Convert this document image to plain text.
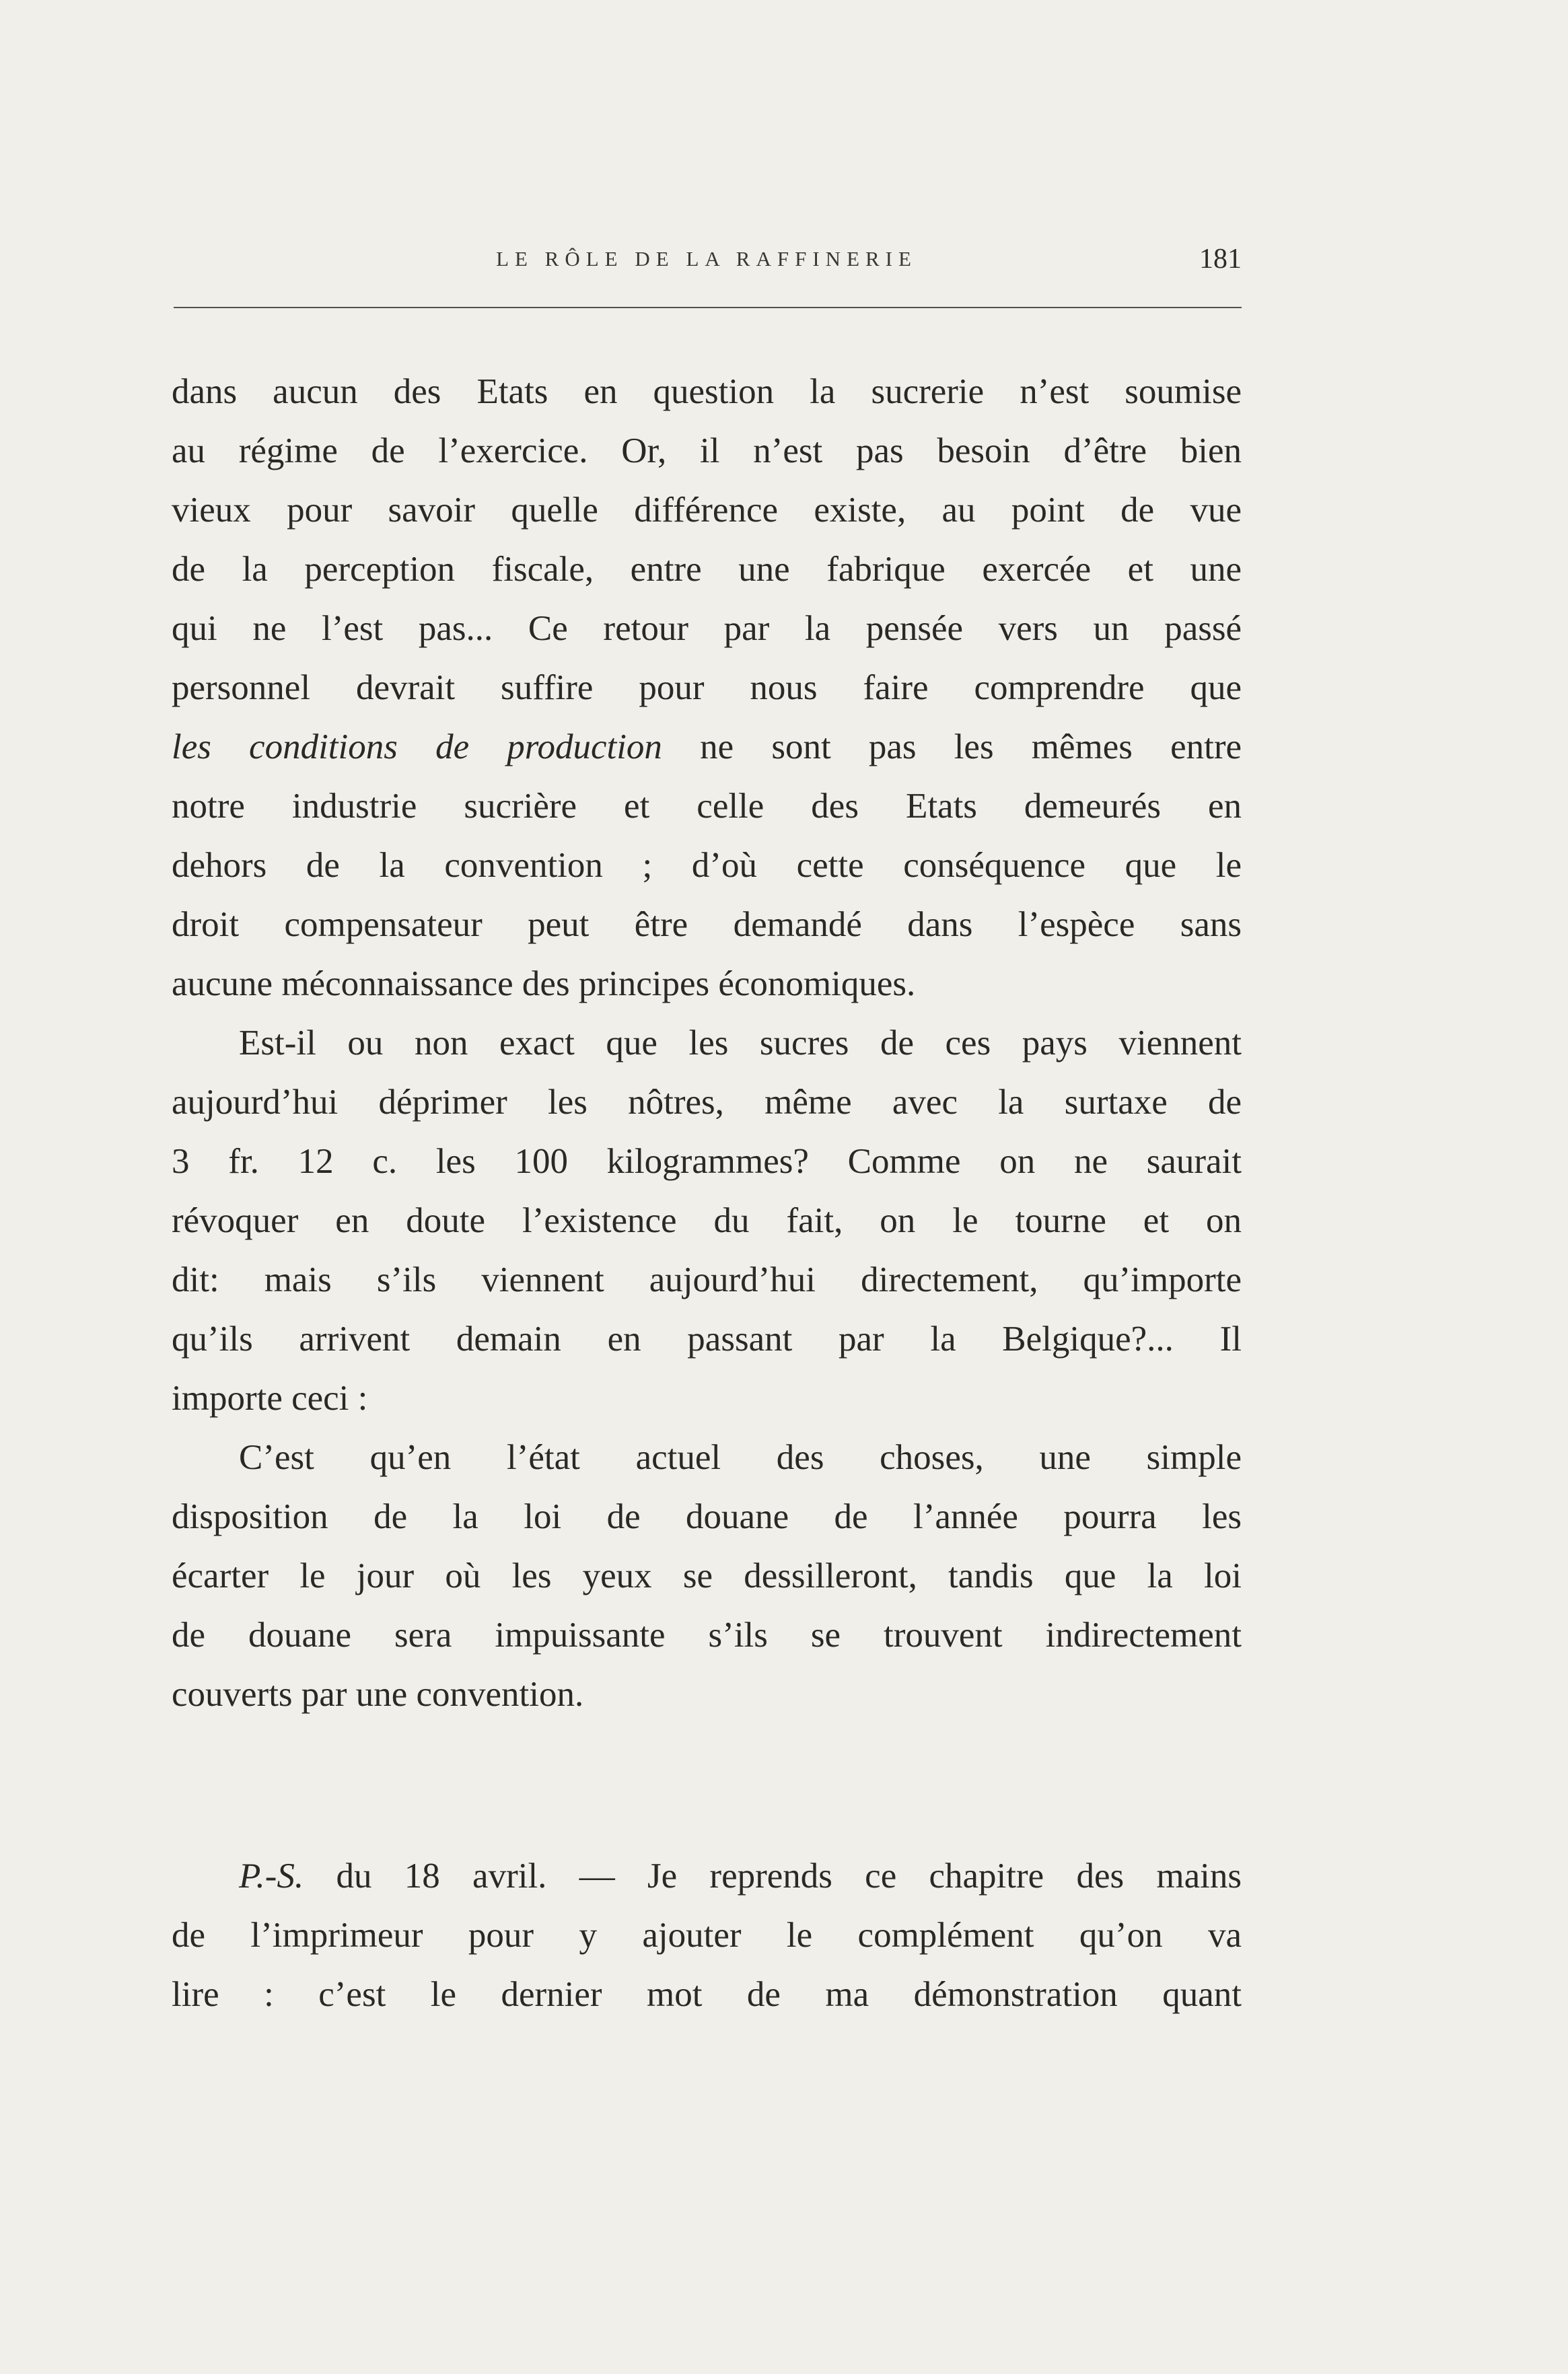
LE RÔLE DE LA RAFFINERIE	181
dans aucun des Etats en question la sucrerie n’est soumise
au régime de l’exercice. Or, il n’est pas besoin d’être bien
vieux pour savoir quelle différence existe, au point de vue
de la perception fiscale, entre une fabrique exercée et une
qui ne l’est pas... Ce retour par la pensée vers un passé
personnel devrait suffire pour nous faire comprendre que
les conditions de production ne sont pas les mêmes entre
notre industrie sucrière et celle des Etats demeurés en
dehors de la convention ; d’où cette conséquence que le
droit compensateur peut être demandé dans l’espèce sans
aucune méconnaissance des principes économiques.
Est-il ou non exact que les sucres de ces pays viennent
aujourd’hui déprimer les nôtres, même avec la surtaxe de
3 fr. 12 c. les 100 kilogrammes? Comme on ne saurait
révoquer en doute l’existence du fait, on le tourne et on
dit: mais s’ils viennent aujourd’hui directement, qu’importe
qu’ils arrivent demain en passant par la Belgique?... Il
importe ceci :
C’est qu’en l’état actuel des choses, une simple
disposition de la loi de douane de l’année pourra les
écarter le jour où les yeux se dessilleront, tandis que la loi
de douane sera impuissante s’ils se trouvent indirectement
couverts par une convention.
P.-S. du 18 avril. — Je reprends ce chapitre des mains
de l’imprimeur pour y ajouter le complément qu’on va
lire : c’est le dernier mot de ma démonstration quant
